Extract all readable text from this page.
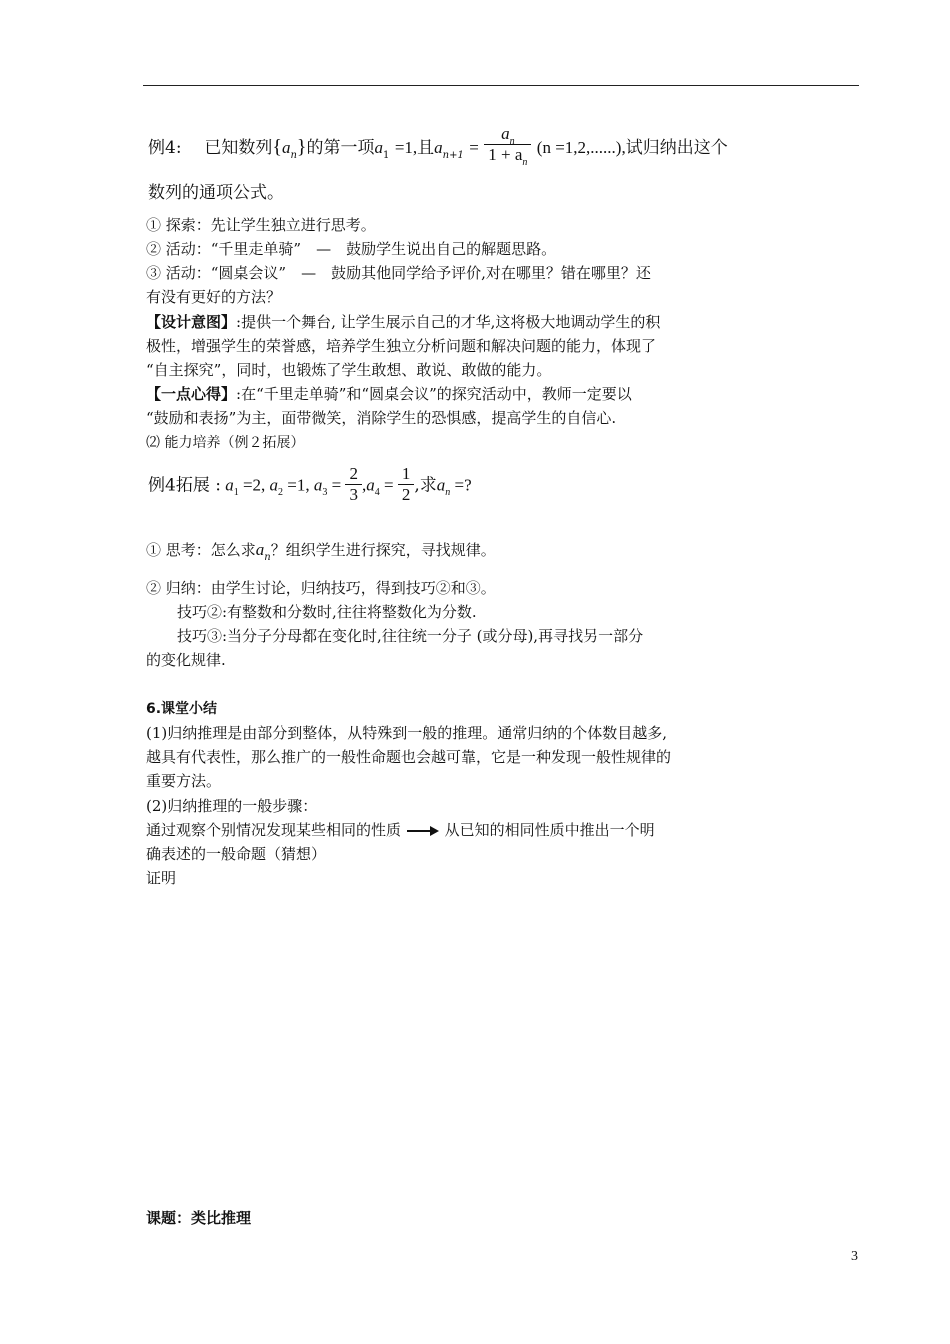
例4: 已知数列$\{a_n\}$的第一项$a_1 =1$,且$a_{n+1} = \frac{a_n}{1 + a_n} (n =1,2,......)$,试归纳出这个
数列的通项公式。
① 探索：先让学生独立进行思考。
② 活动：“千里走单骑”　—　鼓励学生说出自己的解题思路。
③ 活动：“圆桌会议”　—　鼓励其他同学给予评价,对在哪里？错在哪里？还
有没有更好的方法？
【设计意图】:提供一个舞台, 让学生展示自己的才华,这将极大地调动学生的积
极性，增强学生的荣誉感，培养学生独立分析问题和解决问题的能力，体现了
“自主探究”，同时，也锻炼了学生敢想、敢说、敢做的能力。
【一点心得】:在“千里走单骑”和“圆桌会议”的探究活动中，教师一定要以
“鼓励和表扬”为主，面带微笑，消除学生的恐惧感，提高学生的自信心.
⑵ 能力培养（例２拓展）
例4拓展 : $a_1 =2$, $a_2 =1$, $a_3 = \frac{2}{3} ,a_4 = \frac{1}{2}$ ,求$a_n$ =?
① 思考：怎么求$a_n$？组织学生进行探究，寻找规律。
② 归纳：由学生讨论，归纳技巧，得到技巧②和③。
技巧②:有整数和分数时,往往将整数化为分数.
技巧③:当分子分母都在变化时,往往统一分子 (或分母),再寻找另一部分
的变化规律.
6.课堂小结
(1)归纳推理是由部分到整体，从特殊到一般的推理。通常归纳的个体数目越多,
越具有代表性，那么推广的一般性命题也会越可靠，它是一种发现一般性规律的
重要方法。
(2)归纳推理的一般步骤：
通过观察个别情况发现某些相同的性质	从已知的相同性质中推出一个明
确表述的一般命题（猜想）
证明
课题：类比推理
3
